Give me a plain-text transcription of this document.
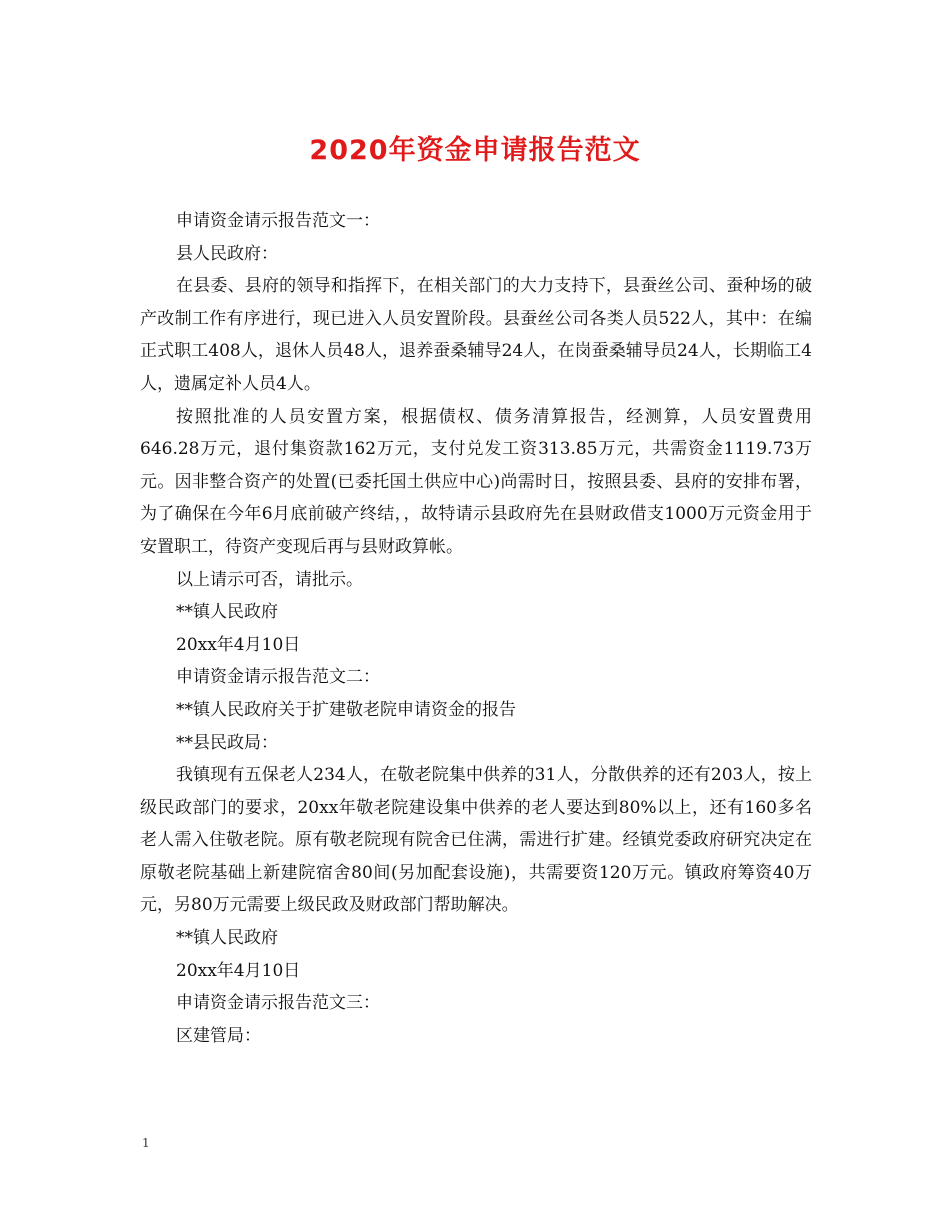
2020年资金申请报告范文

申请资金请示报告范文一：

县人民政府：

在县委、县府的领导和指挥下，在相关部门的大力支持下，县蚕丝公司、蚕种场的破产改制工作有序进行，现已进入人员安置阶段。县蚕丝公司各类人员522人，其中：在编正式职工408人，退休人员48人，退养蚕桑辅导24人，在岗蚕桑辅导员24人，长期临工4人，遗属定补人员4人。

按照批准的人员安置方案，根据债权、债务清算报告，经测算，人员安置费用646.28万元，退付集资款162万元，支付兑发工资313.85万元，共需资金1119.73万元。因非整合资产的处置(已委托国土供应中心)尚需时日，按照县委、县府的安排布署，为了确保在今年6月底前破产终结，，故特请示县政府先在县财政借支1000万元资金用于安置职工，待资产变现后再与县财政算帐。

以上请示可否，请批示。

**镇人民政府

20xx年4月10日

申请资金请示报告范文二：

**镇人民政府关于扩建敬老院申请资金的报告

**县民政局：

我镇现有五保老人234人，在敬老院集中供养的31人，分散供养的还有203人，按上级民政部门的要求，20xx年敬老院建设集中供养的老人要达到80%以上，还有160多名老人需入住敬老院。原有敬老院现有院舍已住满，需进行扩建。经镇党委政府研究决定在原敬老院基础上新建院宿舍80间(另加配套设施)，共需要资120万元。镇政府筹资40万元，另80万元需要上级民政及财政部门帮助解决。

**镇人民政府

20xx年4月10日

申请资金请示报告范文三：

区建管局：

1
